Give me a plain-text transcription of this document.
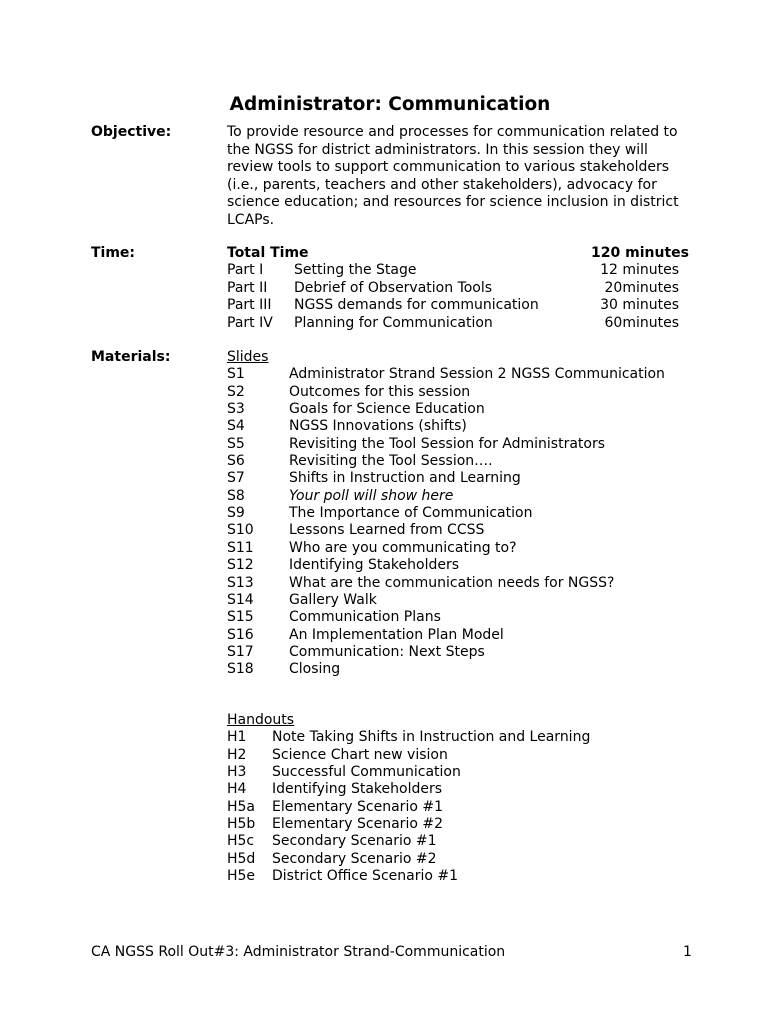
Administrator: Communication
Objective:	To provide resource and processes for communication related to the NGSS for district administrators. In this session they will review tools to support communication to various stakeholders (i.e., parents, teachers and other stakeholders), advocacy for science education; and resources for science inclusion in district LCAPs.
Time:	Total Time	120 minutes
Part I Setting the Stage	12 minutes
Part II Debrief of Observation Tools	20minutes
Part III NGSS demands for communication	30 minutes
Part IV Planning for Communication	60minutes
Materials:	Slides
S1	Administrator Strand Session 2 NGSS Communication
S2	Outcomes for this session
S3	Goals for Science Education
S4	NGSS Innovations (shifts)
S5	Revisiting the Tool Session for Administrators
S6	Revisiting the Tool Session….
S7	Shifts in Instruction and Learning
S8	Your poll will show here
S9	The Importance of Communication
S10	Lessons Learned from CCSS
S11	Who are you communicating to?
S12	Identifying Stakeholders
S13	What are the communication needs for NGSS?
S14	Gallery Walk
S15	Communication Plans
S16	An Implementation Plan Model
S17	Communication: Next Steps
S18	Closing
Handouts
H1 Note Taking Shifts in Instruction and Learning
H2 Science Chart new vision
H3 Successful Communication
H4 Identifying Stakeholders
H5a Elementary Scenario #1
H5b Elementary Scenario #2
H5c Secondary Scenario #1
H5d Secondary Scenario #2
H5e District Office Scenario #1
CA NGSS Roll Out#3: Administrator Strand-Communication	1
